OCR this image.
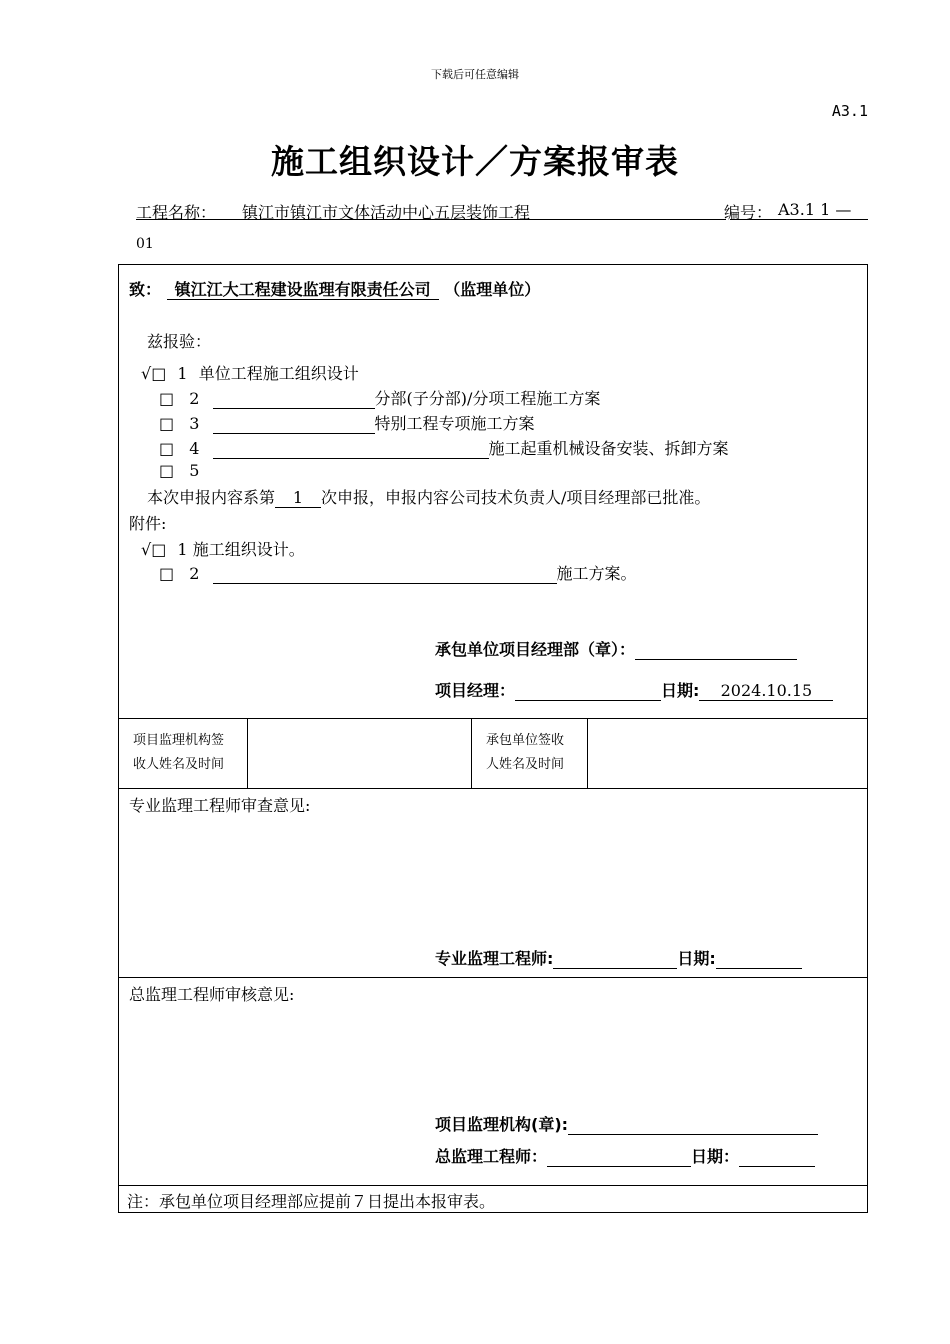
下载后可任意编辑
A3.1
施工组织设计／方案报审表
工程名称： 镇江市镇江市文体活动中心五层装饰工程	编号： A3.1 1 —
01
致： 镇江江大工程建设监理有限责任公司 （监理单位）
兹报验：
√□ 1 单位工程施工组织设计
□ 2	分部(子分部)/分项工程施工方案
□ 3	特别工程专项施工方案
□ 4	施工起重机械设备安装、拆卸方案
□ 5
本次申报内容系第 1 次申报，申报内容公司技术负责人/项目经理部已批准。
附件:
√□ 1 施工组织设计。
□ 2	施工方案。
承包单位项目经理部（章）：
项目经理：	日期: 2024.10.15
项目监理机构签
收人姓名及时间
承包单位签收
人姓名及时间
专业监理工程师审查意见:
专业监理工程师:	日期:
总监理工程师审核意见:
项目监理机构(章):
总监理工程师：	日期：
注：承包单位项目经理部应提前７日提出本报审表。
